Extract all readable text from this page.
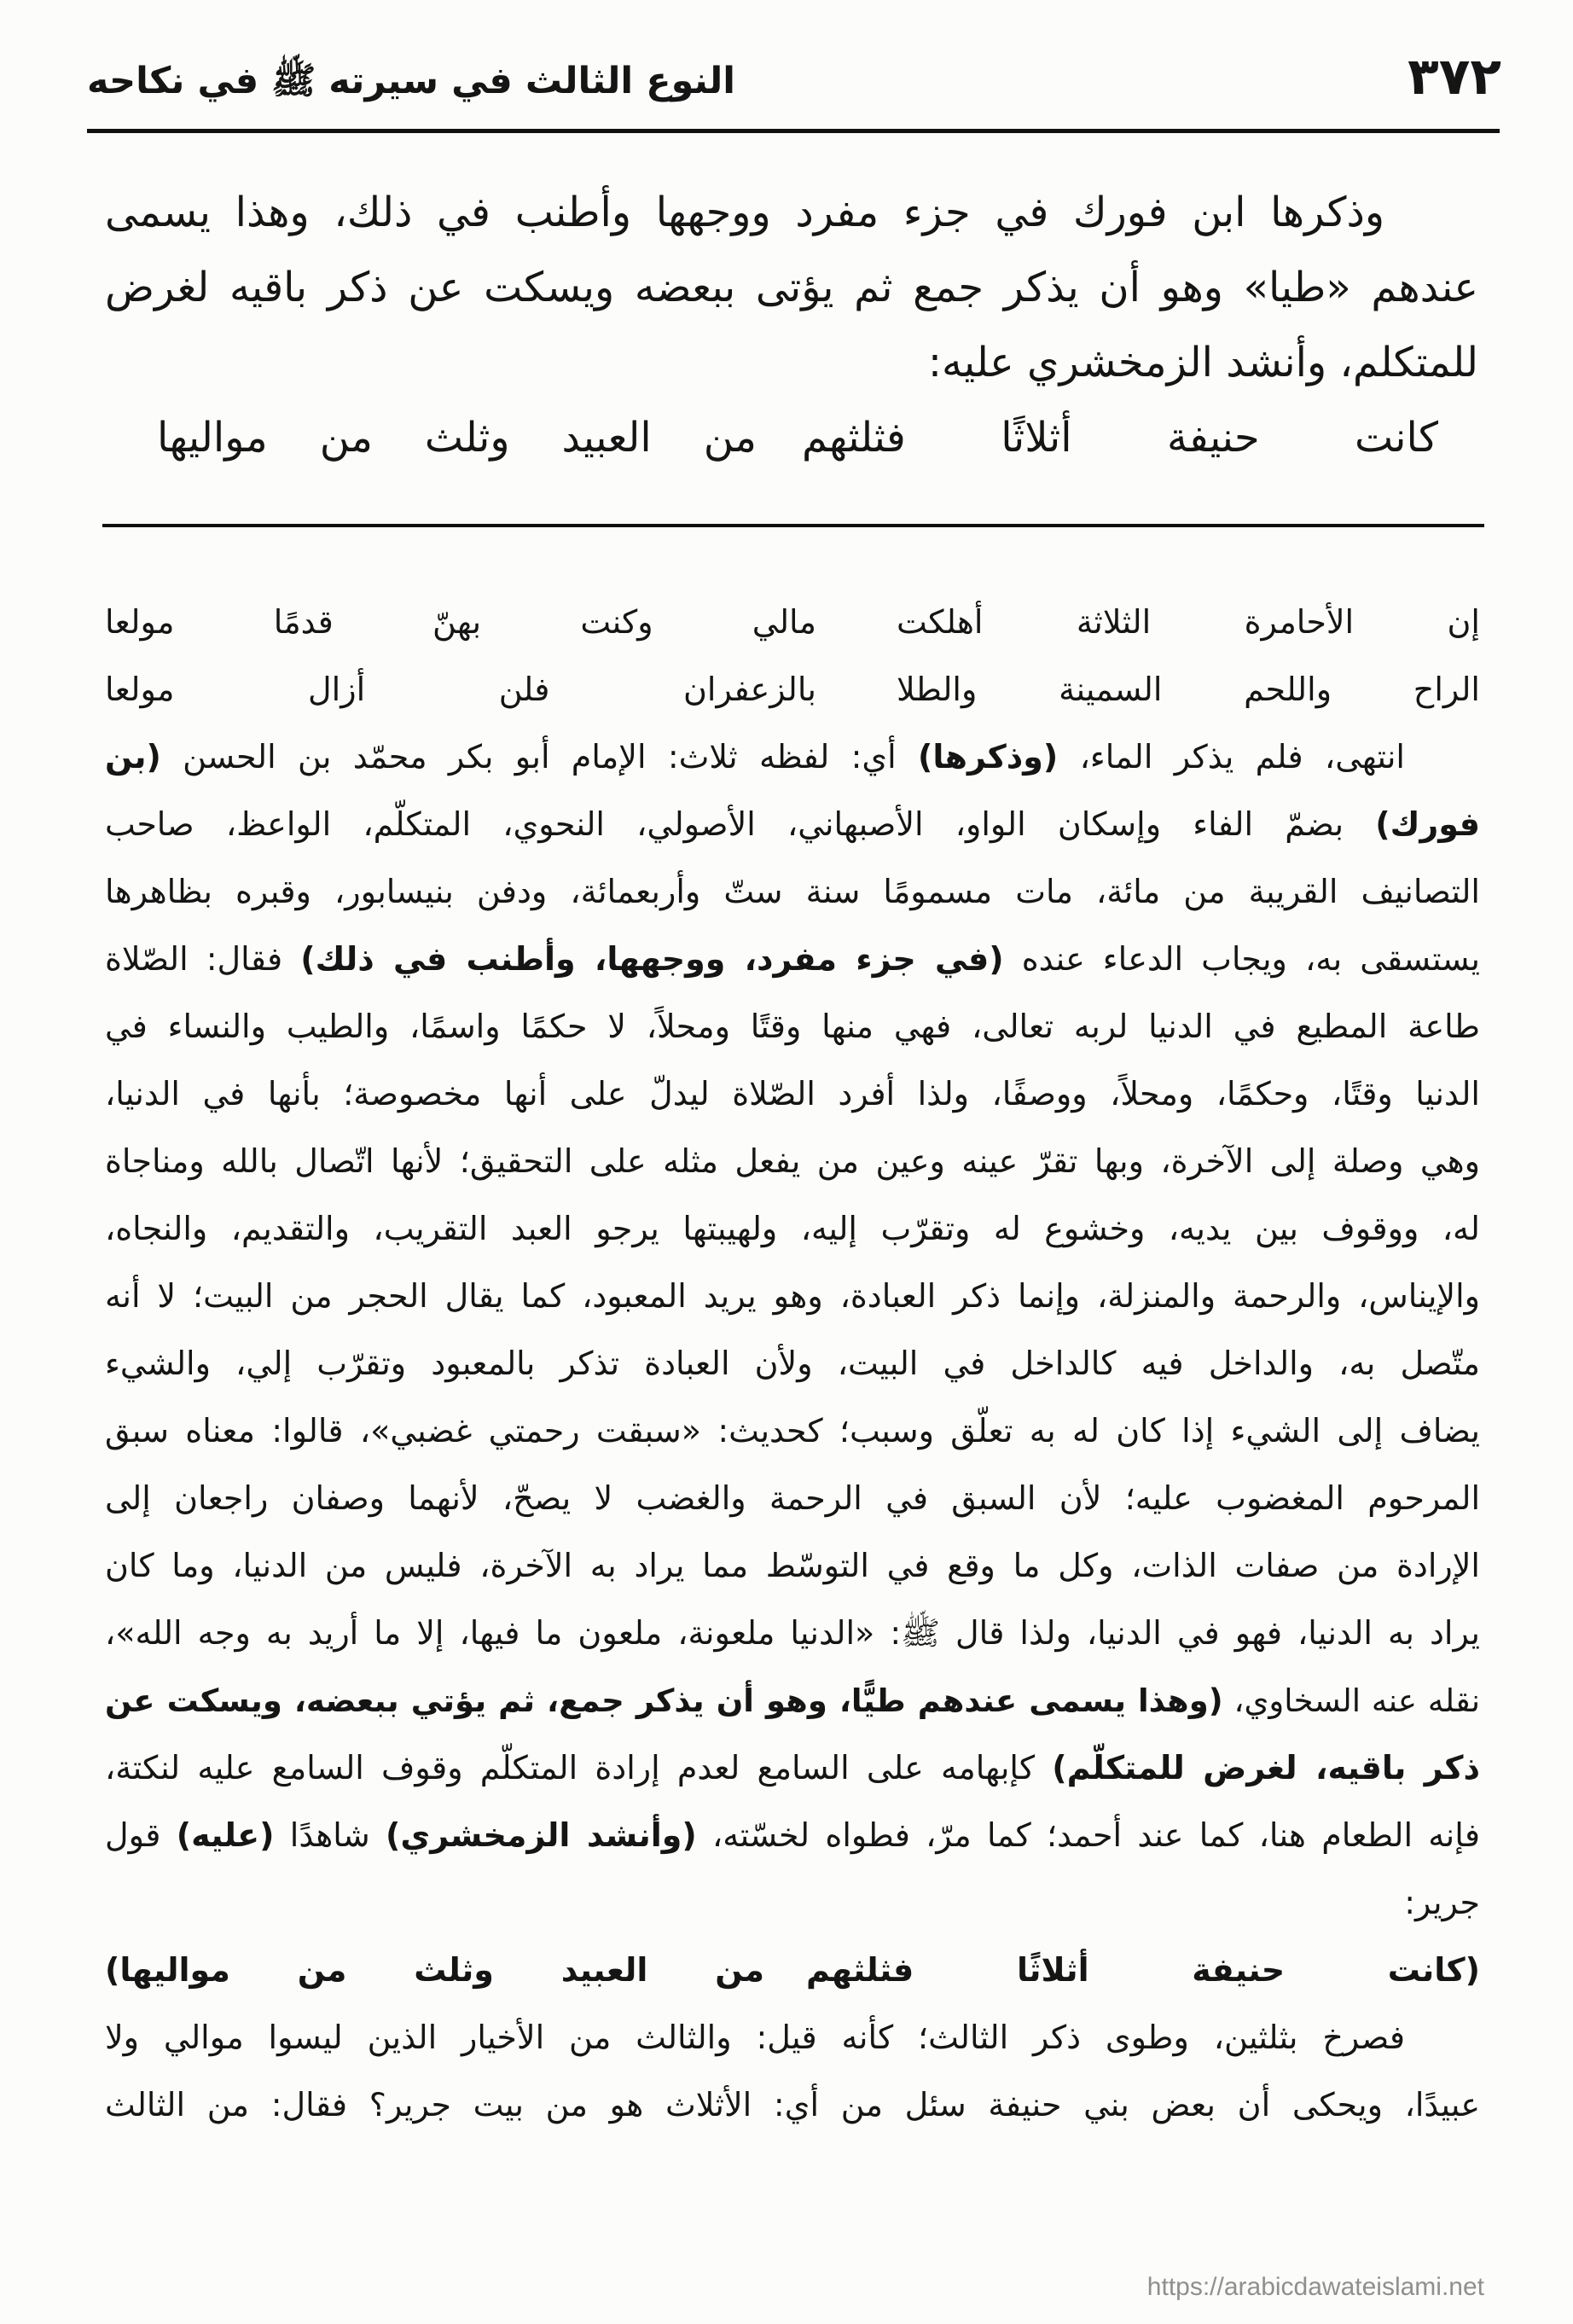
النوع الثالث في سيرته ﷺ في نكاحه	٣٧٢
وذكرها ابن فورك في جزء مفرد ووجهها وأطنب في ذلك، وهذا يسمى
عندهم «طيا» وهو أن يذكر جمع ثم يؤتى ببعضه ويسكت عن ذكر باقيه لغرض
للمتكلم، وأنشد الزمخشري عليه:
كانت حنيفة أثلاثًا فثلثهم
من العبيد وثلث من مواليها
إن الأحامرة الثلاثة أهلكت
مالي وكنت بهنّ قدمًا مولعا
الراح واللحم السمينة والطلا
بالزعفران فلن أزال مولعا
انتهى، فلم يذكر الماء، (وذكرها) أي: لفظه ثلاث: الإمام أبو بكر محمّد بن الحسن (بن
فورك) بضمّ الفاء وإسكان الواو، الأصبهاني، الأصولي، النحوي، المتكلّم، الواعظ، صاحب
التصانيف القريبة من مائة، مات مسمومًا سنة ستّ وأربعمائة، ودفن بنيسابور، وقبره بظاهرها
يستسقى به، ويجاب الدعاء عنده (في جزء مفرد، ووجهها، وأطنب في ذلك) فقال: الصّلاة
طاعة المطيع في الدنيا لربه تعالى، فهي منها وقتًا ومحلاً، لا حكمًا واسمًا، والطيب والنساء في
الدنيا وقتًا، وحكمًا، ومحلاً، ووصفًا، ولذا أفرد الصّلاة ليدلّ على أنها مخصوصة؛ بأنها في الدنيا،
وهي وصلة إلى الآخرة، وبها تقرّ عينه وعين من يفعل مثله على التحقيق؛ لأنها اتّصال بالله ومناجاة
له، ووقوف بين يديه، وخشوع له وتقرّب إليه، ولهيبتها يرجو العبد التقريب، والتقديم، والنجاه،
والإيناس، والرحمة والمنزلة، وإنما ذكر العبادة، وهو يريد المعبود، كما يقال الحجر من البيت؛ لا أنه
متّصل به، والداخل فيه كالداخل في البيت، ولأن العبادة تذكر بالمعبود وتقرّب إلي، والشيء
يضاف إلى الشيء إذا كان له به تعلّق وسبب؛ كحديث: «سبقت رحمتي غضبي»، قالوا: معناه سبق
المرحوم المغضوب عليه؛ لأن السبق في الرحمة والغضب لا يصحّ، لأنهما وصفان راجعان إلى
الإرادة من صفات الذات، وكل ما وقع في التوسّط مما يراد به الآخرة، فليس من الدنيا، وما كان
يراد به الدنيا، فهو في الدنيا، ولذا قال ﷺ: «الدنيا ملعونة، ملعون ما فيها، إلا ما أريد به وجه الله»،
نقله عنه السخاوي، (وهذا يسمى عندهم طيًّا، وهو أن يذكر جمع، ثم يؤتي ببعضه، ويسكت عن
ذكر باقيه، لغرض للمتكلّم) كإبهامه على السامع لعدم إرادة المتكلّم وقوف السامع عليه لنكتة،
فإنه الطعام هنا، كما عند أحمد؛ كما مرّ، فطواه لخسّته، (وأنشد الزمخشري) شاهدًا (عليه) قول
جرير:
(كانت حنيفة أثلاثًا فثلثهم
من العبيد وثلث من مواليها)
فصرخ بثلثين، وطوى ذكر الثالث؛ كأنه قيل: والثالث من الأخيار الذين ليسوا موالي ولا
عبيدًا، ويحكى أن بعض بني حنيفة سئل من أي: الأثلاث هو من بيت جرير؟ فقال: من الثالث
https://arabicdawateislami.net
